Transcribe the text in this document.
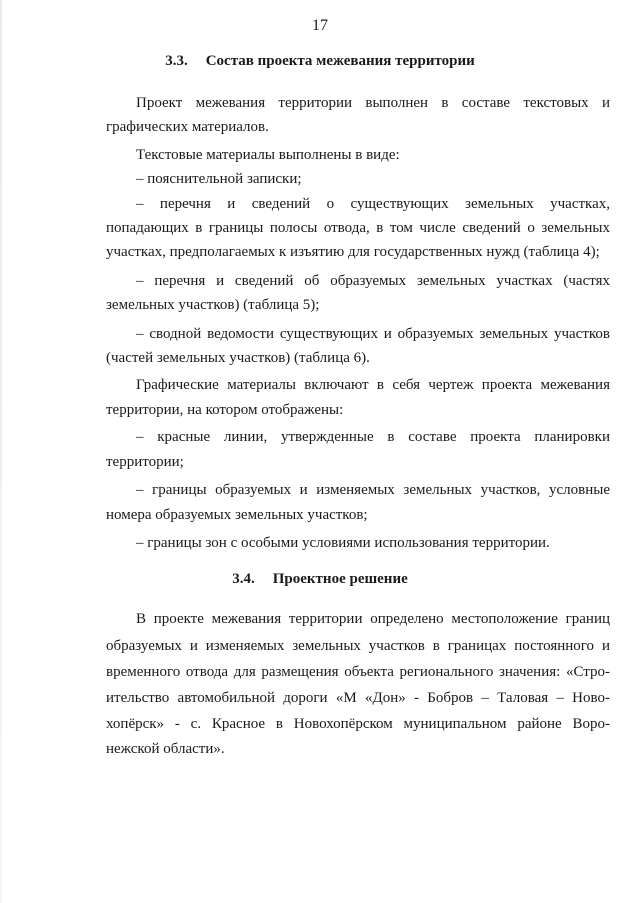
17
3.3. Состав проекта межевания территории
Проект межевания территории выполнен в составе текстовых и
графических материалов.
Текстовые материалы выполнены в виде:
– пояснительной записки;
– перечня и сведений о существующих земельных участках,
попадающих в границы полосы отвода, в том числе сведений о земельных
участках, предполагаемых к изъятию для государственных нужд (таблица 4);
– перечня и сведений об образуемых земельных участках (частях
земельных участков) (таблица 5);
– сводной ведомости существующих и образуемых земельных участков
(частей земельных участков) (таблица 6).
Графические материалы включают в себя чертеж проекта межевания
территории, на котором отображены:
– красные линии, утвержденные в составе проекта планировки
территории;
– границы образуемых и изменяемых земельных участков, условные
номера образуемых земельных участков;
– границы зон с особыми условиями использования территории.
3.4. Проектное решение
В проекте межевания территории определено местоположение границ
образуемых и изменяемых земельных участков в границах постоянного и
временного отвода для размещения объекта регионального значения: «Стро-
ительство автомобильной дороги «М «Дон» - Бобров – Таловая – Ново-
хопёрск» - с. Красное в Новохопёрском муниципальном районе Воро-
нежской области».
